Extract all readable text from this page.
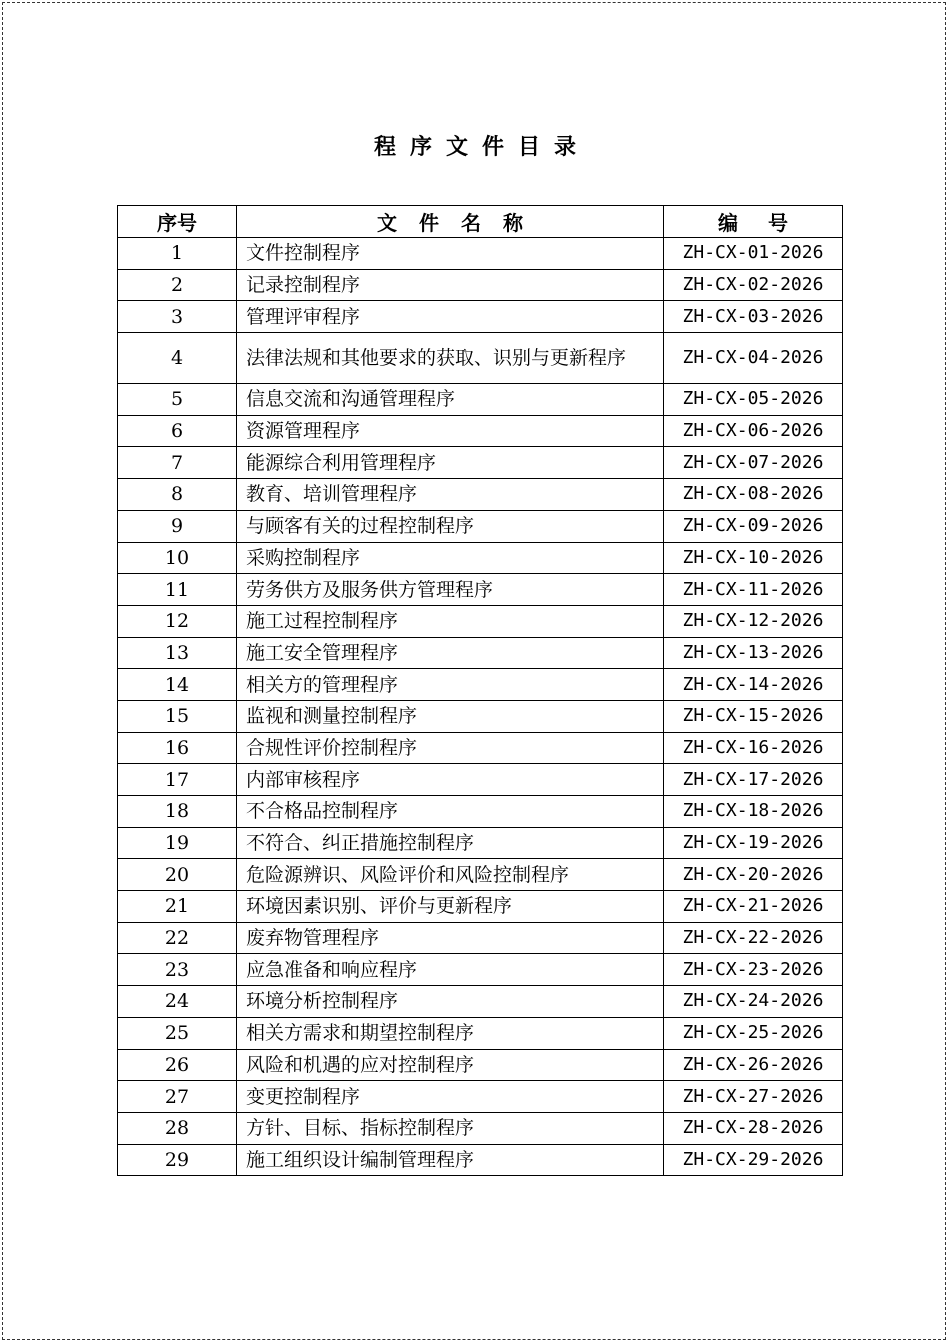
程序文件目录
序号	文件名称	编号
1	文件控制程序	ZH-CX-01-2026
2	记录控制程序	ZH-CX-02-2026
3	管理评审程序	ZH-CX-03-2026
4	法律法规和其他要求的获取、识别与更新程序	ZH-CX-04-2026
5	信息交流和沟通管理程序	ZH-CX-05-2026
6	资源管理程序	ZH-CX-06-2026
7	能源综合利用管理程序	ZH-CX-07-2026
8	教育、培训管理程序	ZH-CX-08-2026
9	与顾客有关的过程控制程序	ZH-CX-09-2026
10	采购控制程序	ZH-CX-10-2026
11	劳务供方及服务供方管理程序	ZH-CX-11-2026
12	施工过程控制程序	ZH-CX-12-2026
13	施工安全管理程序	ZH-CX-13-2026
14	相关方的管理程序	ZH-CX-14-2026
15	监视和测量控制程序	ZH-CX-15-2026
16	合规性评价控制程序	ZH-CX-16-2026
17	内部审核程序	ZH-CX-17-2026
18	不合格品控制程序	ZH-CX-18-2026
19	不符合、纠正措施控制程序	ZH-CX-19-2026
20	危险源辨识、风险评价和风险控制程序	ZH-CX-20-2026
21	环境因素识别、评价与更新程序	ZH-CX-21-2026
22	废弃物管理程序	ZH-CX-22-2026
23	应急准备和响应程序	ZH-CX-23-2026
24	环境分析控制程序	ZH-CX-24-2026
25	相关方需求和期望控制程序	ZH-CX-25-2026
26	风险和机遇的应对控制程序	ZH-CX-26-2026
27	变更控制程序	ZH-CX-27-2026
28	方针、目标、指标控制程序	ZH-CX-28-2026
29	施工组织设计编制管理程序	ZH-CX-29-2026
